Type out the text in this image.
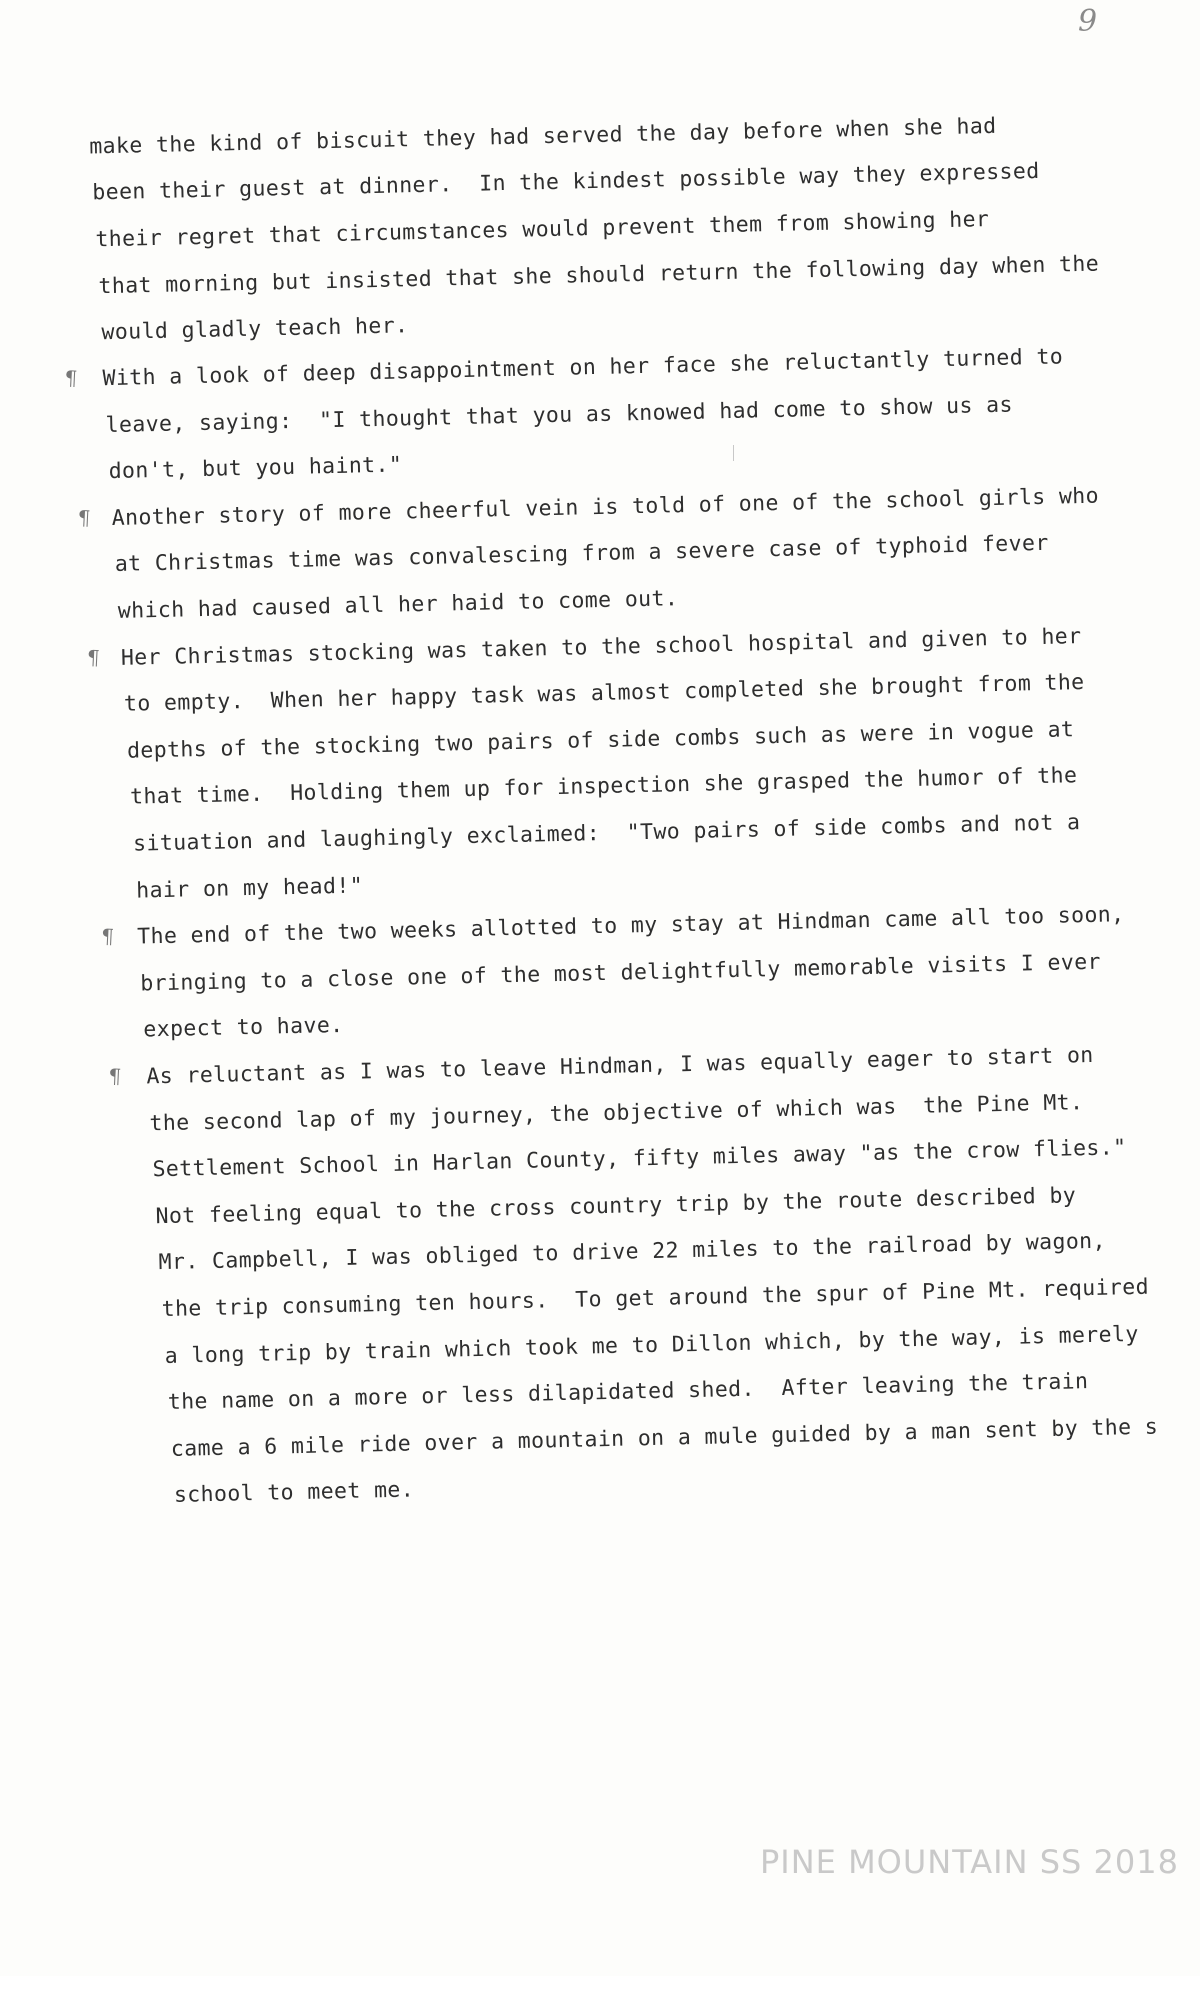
9
make the kind of biscuit they had served the day before when she had
been their guest at dinner.  In the kindest possible way they expressed
their regret that circumstances would prevent them from showing her
that morning but insisted that she should return the following day when the
would gladly teach her.
¶ With a look of deep disappointment on her face she reluctantly turned to
leave, saying:  "I thought that you as knowed had come to show us as
don't, but you haint."
¶ Another story of more cheerful vein is told of one of the school girls who
at Christmas time was convalescing from a severe case of typhoid fever
which had caused all her haid to come out.
¶ Her Christmas stocking was taken to the school hospital and given to her
to empty.  When her happy task was almost completed she brought from the
depths of the stocking two pairs of side combs such as were in vogue at
that time.  Holding them up for inspection she grasped the humor of the
situation and laughingly exclaimed:  "Two pairs of side combs and not a
hair on my head!"
¶ The end of the two weeks allotted to my stay at Hindman came all too soon,
bringing to a close one of the most delightfully memorable visits I ever
expect to have.
¶ As reluctant as I was to leave Hindman, I was equally eager to start on
the second lap of my journey, the objective of which was  the Pine Mt.
Settlement School in Harlan County, fifty miles away "as the crow flies."
Not feeling equal to the cross country trip by the route described by
Mr. Campbell, I was obliged to drive 22 miles to the railroad by wagon,
the trip consuming ten hours.  To get around the spur of Pine Mt. required
a long trip by train which took me to Dillon which, by the way, is merely
the name on a more or less dilapidated shed.  After leaving the train
came a 6 mile ride over a mountain on a mule guided by a man sent by the s
school to meet me.
PINE MOUNTAIN SS 2018
